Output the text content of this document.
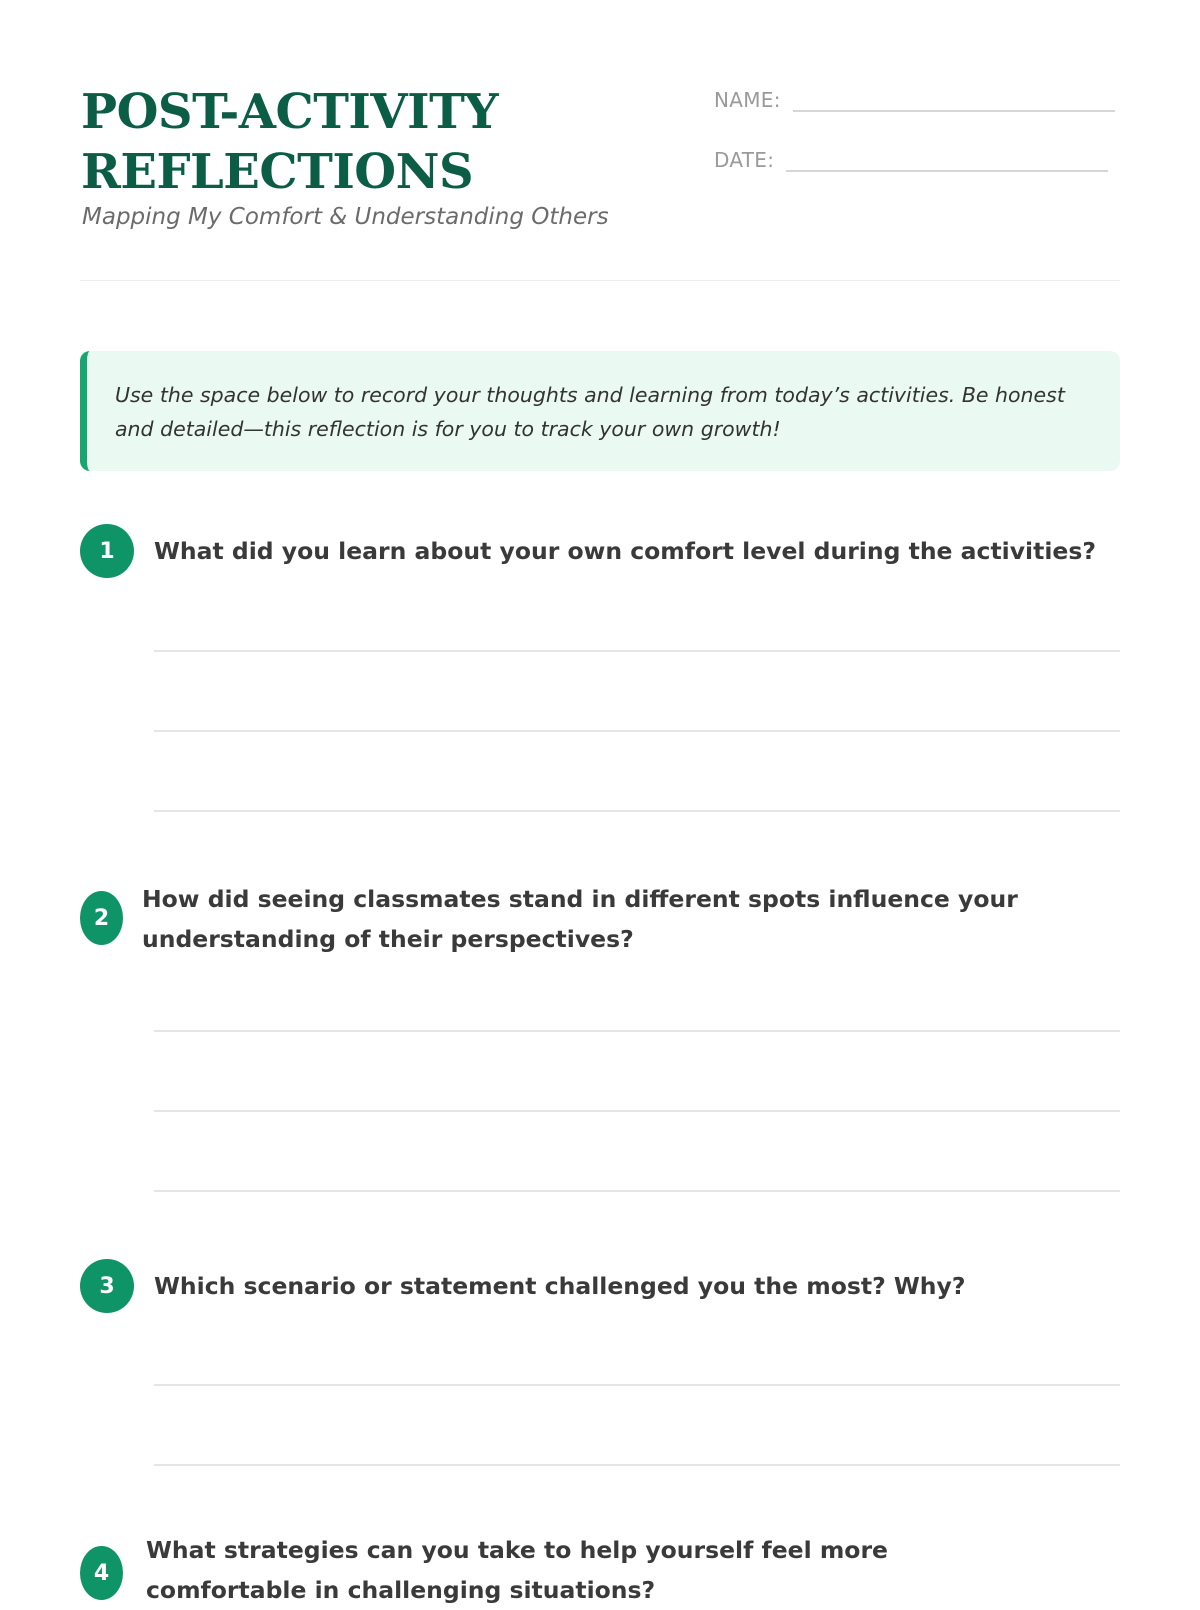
POST-ACTIVITY REFLECTIONS
Mapping My Comfort & Understanding Others
NAME:
DATE:
Use the space below to record your thoughts and learning from today’s activities. Be honest and detailed—this reflection is for you to track your own growth!
1	What did you learn about your own comfort level during the activities?
2
How did seeing classmates stand in different spots influence your understanding of their perspectives?
3	Which scenario or statement challenged you the most? Why?
4
What strategies can you take to help yourself feel more comfortable in challenging situations?
